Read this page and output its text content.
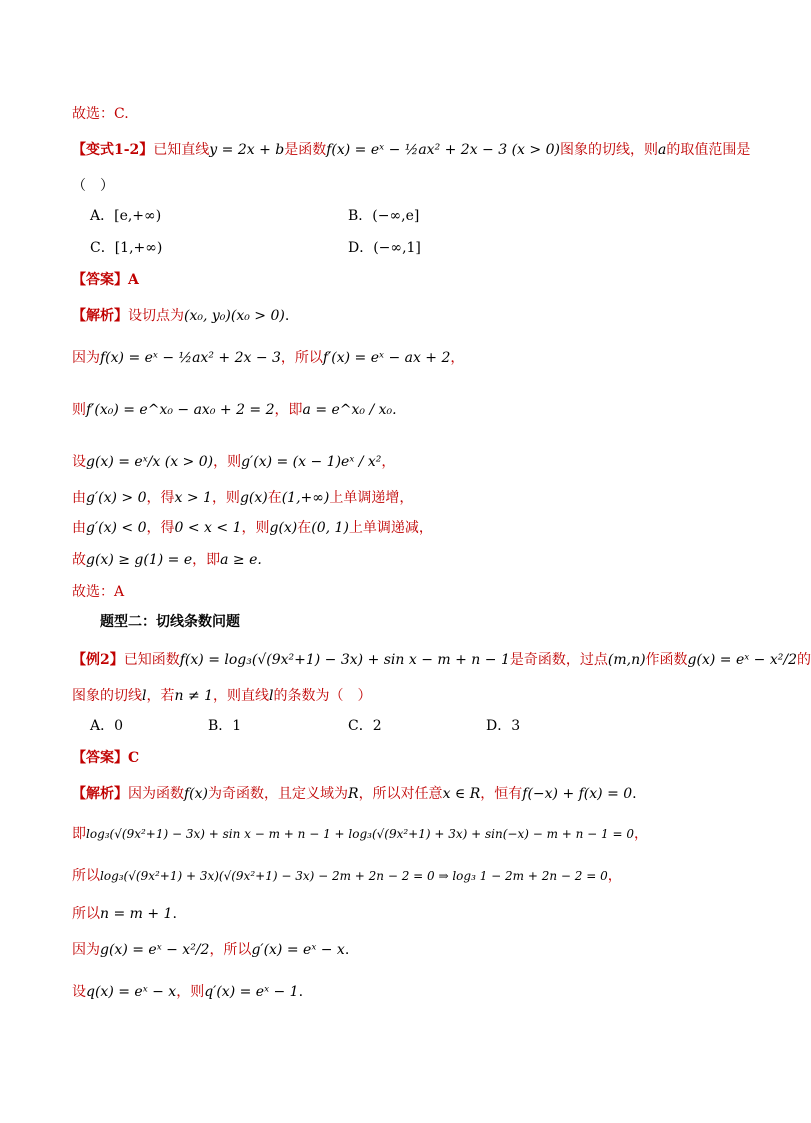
故选：C.
【变式1-2】已知直线y = 2x + b是函数f(x) = eˣ − ½ax² + 2x − 3 (x > 0)图象的切线，则a的取值范围是
（　）
A．[e,+∞)	B．(−∞,e]
C．[1,+∞)	D．(−∞,1]
【答案】A
【解析】设切点为(x₀, y₀)(x₀ > 0).
因为f(x) = eˣ − ½ax² + 2x − 3，所以f′(x) = eˣ − ax + 2，
则f′(x₀) = e^x₀ − ax₀ + 2 = 2，即a = e^x₀ / x₀.
设g(x) = eˣ/x (x > 0)，则g′(x) = (x − 1)eˣ / x²，
由g′(x) > 0，得x > 1，则g(x)在(1,+∞)上单调递增，
由g′(x) < 0，得0 < x < 1，则g(x)在(0, 1)上单调递减，
故g(x) ≥ g(1) = e，即a ≥ e.
故选：A
题型二：切线条数问题
【例2】已知函数f(x) = log₃(√(9x²+1) − 3x) + sin x − m + n − 1是奇函数，过点(m,n)作函数g(x) = eˣ − x²/2的
图象的切线l，若n ≠ 1，则直线l的条数为（　）
A．0	B．1	C．2	D．3
【答案】C
【解析】因为函数f(x)为奇函数，且定义域为R，所以对任意x ∈ R，恒有f(−x) + f(x) = 0.
即log₃(√(9x²+1) − 3x) + sin x − m + n − 1 + log₃(√(9x²+1) + 3x) + sin(−x) − m + n − 1 = 0，
所以log₃(√(9x²+1) + 3x)(√(9x²+1) − 3x) − 2m + 2n − 2 = 0 ⇒ log₃ 1 − 2m + 2n − 2 = 0，
所以n = m + 1.
因为g(x) = eˣ − x²/2，所以g′(x) = eˣ − x.
设q(x) = eˣ − x，则q′(x) = eˣ − 1.
